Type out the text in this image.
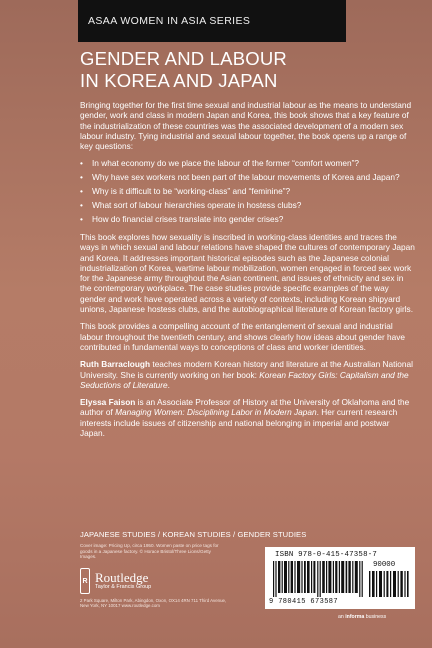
ASAA WOMEN IN ASIA SERIES
GENDER AND LABOUR
IN KOREA AND JAPAN

Bringing together for the first time sexual and industrial labour as the means to understand gender, work and class in modern Japan and Korea, this book shows that a key feature of the industrialization of these countries was the associated development of a modern sex labour industry. Tying industrial and sexual labour together, the book opens up a range of key questions:

• In what economy do we place the labour of the former “comfort women”?
• Why have sex workers not been part of the labour movements of Korea and Japan?
• Why is it difficult to be “working-class” and “feminine”?
• What sort of labour hierarchies operate in hostess clubs?
• How do financial crises translate into gender crises?

This book explores how sexuality is inscribed in working-class identities and traces the ways in which sexual and labour relations have shaped the cultures of contemporary Japan and Korea. It addresses important historical episodes such as the Japanese colonial industrialization of Korea, wartime labour mobilization, women engaged in forced sex work for the Japanese army throughout the Asian continent, and issues of ethnicity and sex in the contemporary workplace. The case studies provide specific examples of the way gender and work have operated across a variety of contexts, including Korean shipyard unions, Japanese hostess clubs, and the autobiographical literature of Korean factory girls.

This book provides a compelling account of the entanglement of sexual and industrial labour throughout the twentieth century, and shows clearly how ideas about gender have contributed in fundamental ways to conceptions of class and worker identities.

Ruth Barraclough teaches modern Korean history and literature at the Australian National University. She is currently working on her book: Korean Factory Girls: Capitalism and the Seductions of Literature.

Elyssa Faison is an Associate Professor of History at the University of Oklahoma and the author of Managing Women: Disciplining Labor in Modern Japan. Her current research interests include issues of citizenship and national belonging in imperial and postwar Japan.

JAPANESE STUDIES / KOREAN STUDIES / GENDER STUDIES
Cover image: Pricing Up, circa 1950. Women paste on price tags for goods in a Japanese factory. © Horace Bristol/Three Lions/Getty Images.
R Routledge
Taylor & Francis Group
2 Park Square, Milton Park, Abingdon, Oxon, OX14 4RN 711 Third Avenue, New York, NY 10017 www.routledge.com
ISBN 978-0-415-47358-7
90000
9 780415 673587
an informa business
